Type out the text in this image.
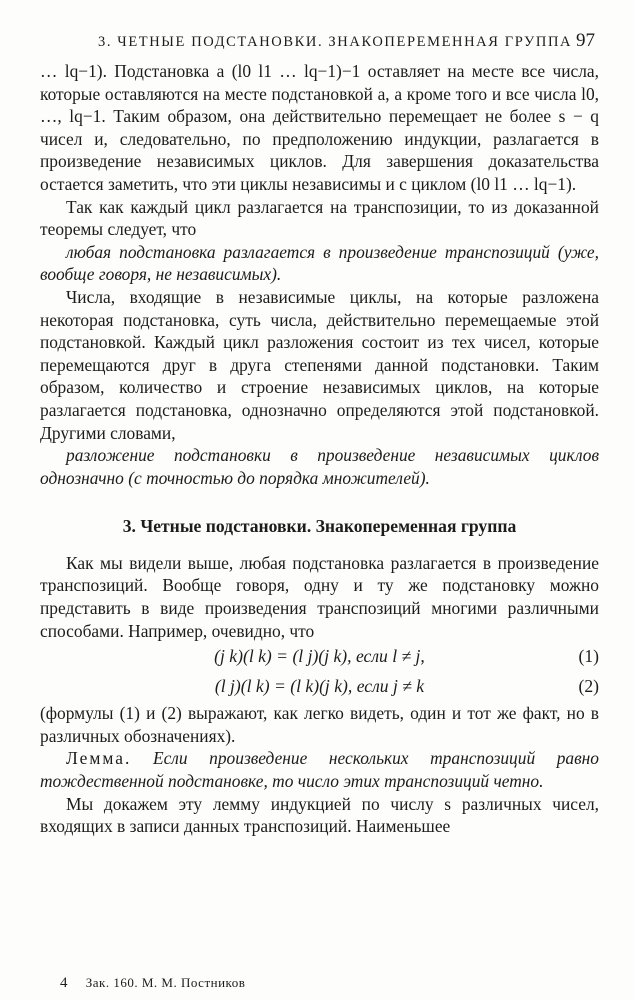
3. ЧЕТНЫЕ ПОДСТАНОВКИ. ЗНАКОПЕРЕМЕННАЯ ГРУППА 97

… lq−1). Подстановка a (l0 l1 … lq−1)−1 оставляет на месте все числа, которые оставляются на месте подстановкой a, а кроме того и все числа l0, …, lq−1. Таким образом, она действительно перемещает не более s − q чисел и, следовательно, по предположению индукции, разлагается в произведение независимых циклов. Для завершения доказательства остается заметить, что эти циклы независимы и с циклом (l0 l1 … lq−1).

Так как каждый цикл разлагается на транспозиции, то из доказанной теоремы следует, что

любая подстановка разлагается в произведение транспозиций (уже, вообще говоря, не независимых).

Числа, входящие в независимые циклы, на которые разложена некоторая подстановка, суть числа, действительно перемещаемые этой подстановкой. Каждый цикл разложения состоит из тех чисел, которые перемещаются друг в друга степенями данной подстановки. Таким образом, количество и строение независимых циклов, на которые разлагается подстановка, однозначно определяются этой подстановкой. Другими словами,

разложение подстановки в произведение независимых циклов однозначно (с точностью до порядка множителей).

3. Четные подстановки. Знакопеременная группа

Как мы видели выше, любая подстановка разлагается в произведение транспозиций. Вообще говоря, одну и ту же подстановку можно представить в виде произведения транспозиций многими различными способами. Например, очевидно, что

(j k)(l k) = (l j)(j k), если l ≠ j,	(1)
(l j)(l k) = (l k)(j k), если j ≠ k	(2)

(формулы (1) и (2) выражают, как легко видеть, один и тот же факт, но в различных обозначениях).

Лемма. Если произведение нескольких транспозиций равно тождественной подстановке, то число этих транспозиций четно.

Мы докажем эту лемму индукцией по числу s различных чисел, входящих в записи данных транспозиций. Наименьшее

4 Зак. 160. М. М. Постников
